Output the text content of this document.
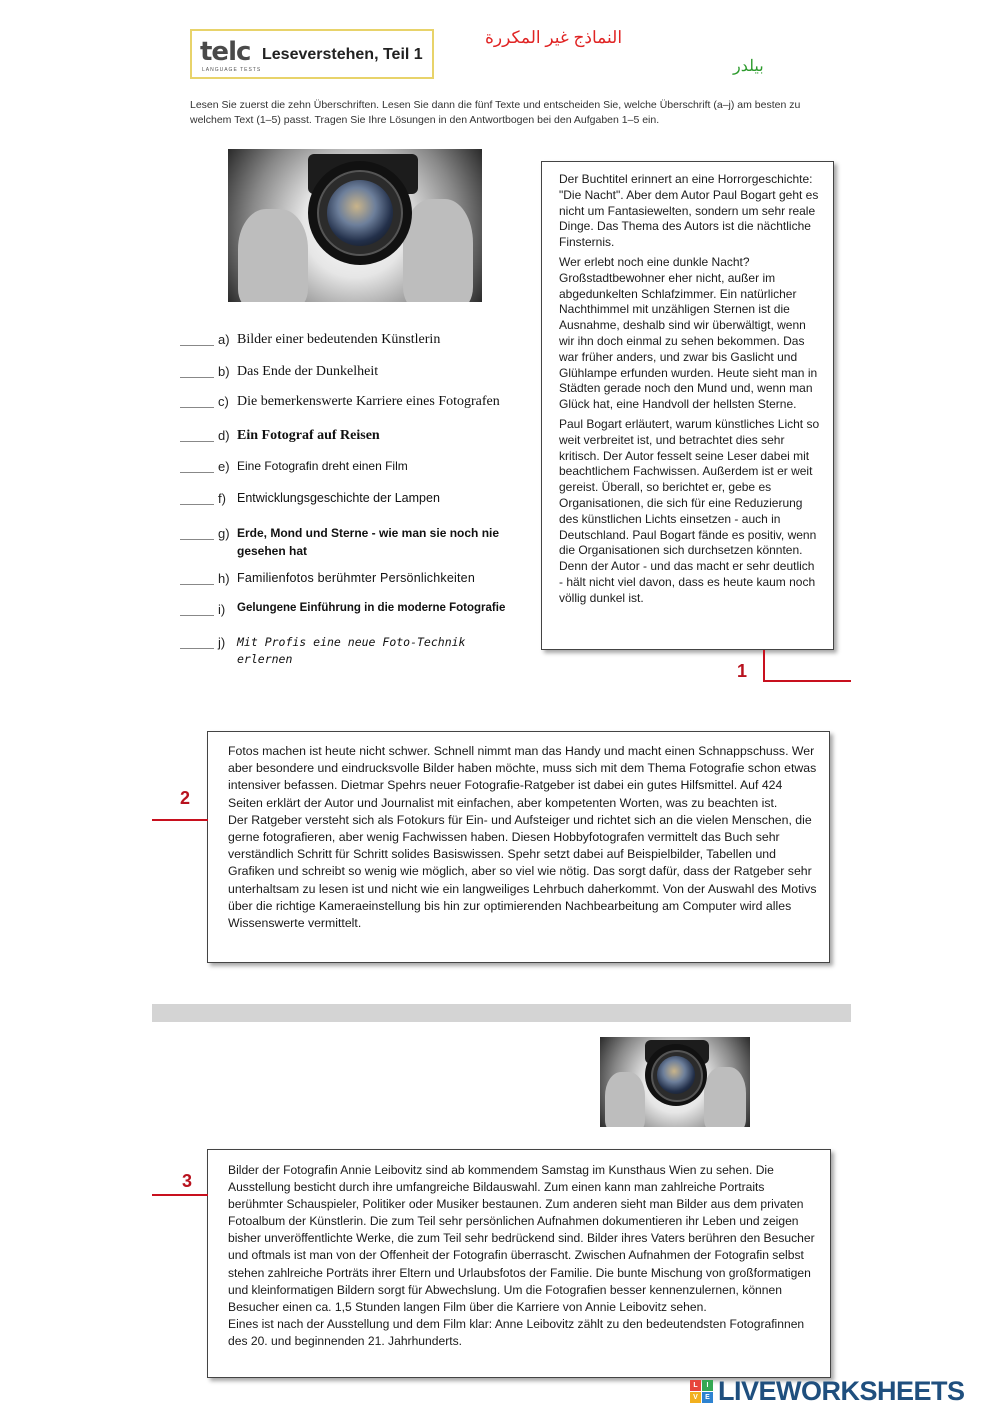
telc
LANGUAGE TESTS
Leseverstehen, Teil 1
النماذج غير المكررة
بيلدر
Lesen Sie zuerst die zehn Überschriften. Lesen Sie dann die fünf Texte und entscheiden Sie, welche Überschrift (a–j) am besten zu welchem Text (1–5) passt. Tragen Sie Ihre Lösungen in den Antwortbogen bei den Aufgaben 1–5 ein.
a) Bilder einer bedeutenden Künstlerin
b) Das Ende der Dunkelheit
c) Die bemerkenswerte Karriere eines Fotografen
d) Ein Fotograf auf Reisen
e) Eine Fotografin dreht einen Film
f) Entwicklungsgeschichte der Lampen
g) Erde, Mond und Sterne - wie man sie noch nie
gesehen hat
h) Familienfotos berühmter Persönlichkeiten
i) Gelungene Einführung in die moderne Fotografie
j) Mit Profis eine neue Foto-Technik
erlernen

Der Buchtitel erinnert an eine Horrorgeschichte: "Die Nacht". Aber dem Autor Paul Bogart geht es nicht um Fantasiewelten, sondern um sehr reale Dinge. Das Thema des Autors ist die nächtliche Finsternis.

Wer erlebt noch eine dunkle Nacht? Großstadtbewohner eher nicht, außer im abgedunkelten Schlafzimmer. Ein natürlicher Nachthimmel mit unzähligen Sternen ist die Ausnahme, deshalb sind wir überwältigt, wenn wir ihn doch einmal zu sehen bekommen. Das war früher anders, und zwar bis Gaslicht und Glühlampe erfunden wurden. Heute sieht man in Städten gerade noch den Mund und, wenn man Glück hat, eine Handvoll der hellsten Sterne.

Paul Bogart erläutert, warum künstliches Licht so weit verbreitet ist, und betrachtet dies sehr kritisch. Der Autor fesselt seine Leser dabei mit beachtlichem Fachwissen. Außerdem ist er weit gereist. Überall, so berichtet er, gebe es Organisationen, die sich für eine Reduzierung des künstlichen Lichts einsetzen - auch in Deutschland. Paul Bogart fände es positiv, wenn die Organisationen sich durchsetzen könnten. Denn der Autor - und das macht er sehr deutlich - hält nicht viel davon, dass es heute kaum noch völlig dunkel ist.

1

Fotos machen ist heute nicht schwer. Schnell nimmt man das Handy und macht einen Schnappschuss. Wer aber besondere und eindrucksvolle Bilder haben möchte, muss sich mit dem Thema Fotografie schon etwas intensiver befassen. Dietmar Spehrs neuer Fotografie-Ratgeber ist dabei ein gutes Hilfsmittel. Auf 424 Seiten erklärt der Autor und Journalist mit einfachen, aber kompetenten Worten, was zu beachten ist.

Der Ratgeber versteht sich als Fotokurs für Ein- und Aufsteiger und richtet sich an die vielen Menschen, die gerne fotografieren, aber wenig Fachwissen haben. Diesen Hobbyfotografen vermittelt das Buch sehr verständlich Schritt für Schritt solides Basiswissen. Spehr setzt dabei auf Beispielbilder, Tabellen und Grafiken und schreibt so wenig wie möglich, aber so viel wie nötig. Das sorgt dafür, dass der Ratgeber sehr unterhaltsam zu lesen ist und nicht wie ein langweiliges Lehrbuch daherkommt. Von der Auswahl des Motivs über die richtige Kameraeinstellung bis hin zur optimierenden Nachbearbeitung am Computer wird alles Wissenswerte vermittelt.

2

Bilder der Fotografin Annie Leibovitz sind ab kommendem Samstag im Kunsthaus Wien zu sehen. Die Ausstellung besticht durch ihre umfangreiche Bildauswahl. Zum einen kann man zahlreiche Portraits berühmter Schauspieler, Politiker oder Musiker bestaunen. Zum anderen sieht man Bilder aus dem privaten Fotoalbum der Künstlerin. Die zum Teil sehr persönlichen Aufnahmen dokumentieren ihr Leben und zeigen bisher unveröffentlichte Werke, die zum Teil sehr bedrückend sind. Bilder ihres Vaters berühren den Besucher und oftmals ist man von der Offenheit der Fotografin überrascht. Zwischen Aufnahmen der Fotografin selbst stehen zahlreiche Porträts ihrer Eltern und Urlaubsfotos der Familie. Die bunte Mischung von großformatigen und kleinformatigen Bildern sorgt für Abwechslung. Um die Fotografien besser kennenzulernen, können Besucher einen ca. 1,5 Stunden langen Film über die Karriere von Annie Leibovitz sehen.

Eines ist nach der Ausstellung und dem Film klar: Anne Leibovitz zählt zu den bedeutendsten Fotografinnen des 20. und beginnenden 21. Jahrhunderts.

3
L	I
V	E LIVEWORKSHEETS
